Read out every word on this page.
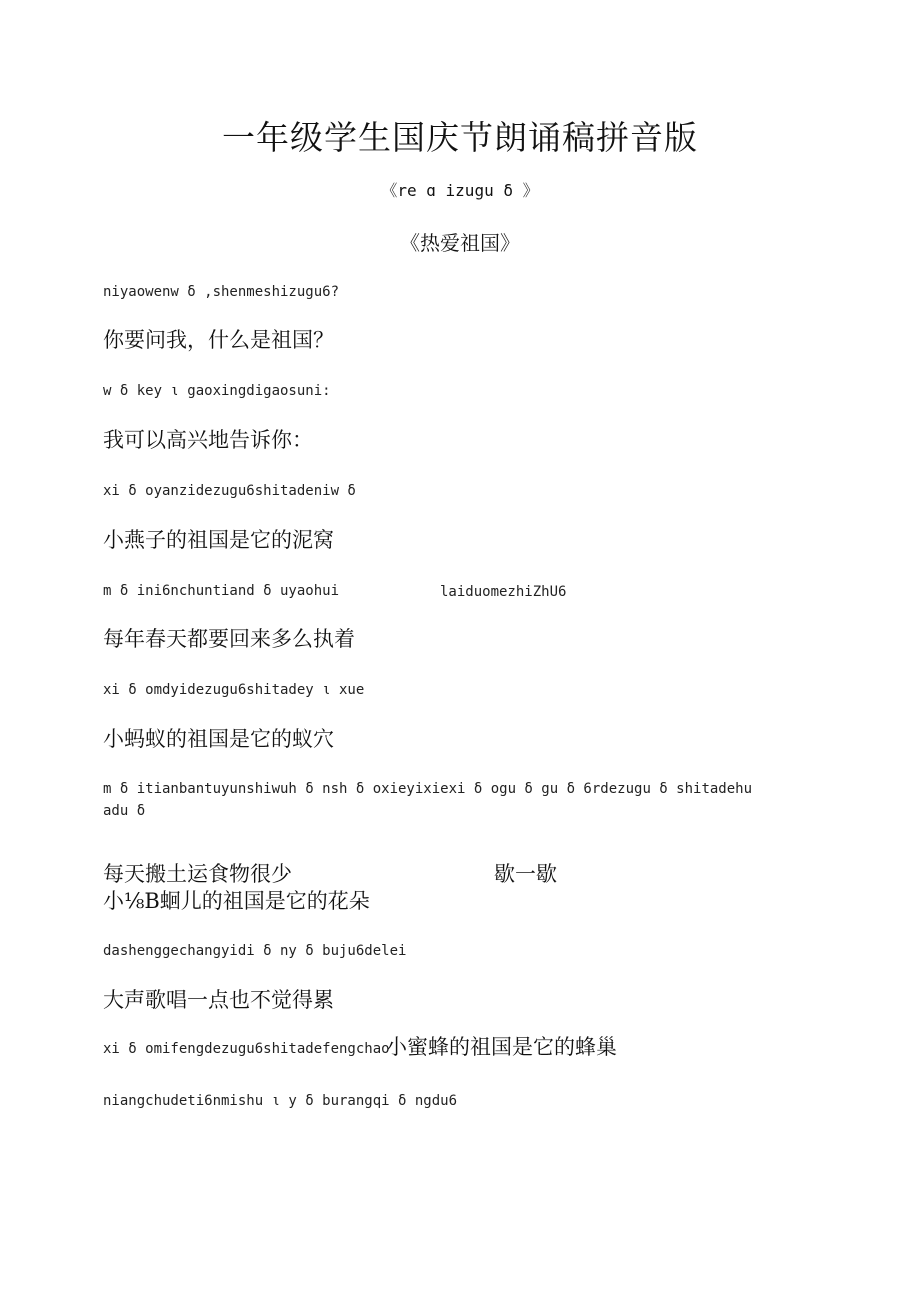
一年级学生国庆节朗诵稿拼音版
《re ɑ izugu δ 》
《热爱祖国》
niyaowenw δ ,shenmeshizugu6?
你要问我，什么是祖国？
w δ key ι gaoxingdigaosuni:
我可以高兴地告诉你：
xi δ oyanzidezugu6shitadeniw δ
小燕子的祖国是它的泥窝
m δ ini6nchuntiand δ uyaohui	laiduomezhiZhU6
每年春天都要回来多么执着
xi δ omdyidezugu6shitadey ι xue
小蚂蚁的祖国是它的蚁穴
m δ itianbantuyunshiwuh δ nsh δ oxieyixiexi δ ogu δ gu δ 6rdezugu δ shitadehu
adu δ
每天搬土运食物很少	歇一歇
小⅛B蛔儿的祖国是它的花朵
dashenggechangyidi δ ny δ buju6delei
大声歌唱一点也不觉得累
xi δ omifengdezugu6shitadefengchao
小蜜蜂的祖国是它的蜂巢
niangchudeti6nmishu ι y δ burangqi δ ngdu6
